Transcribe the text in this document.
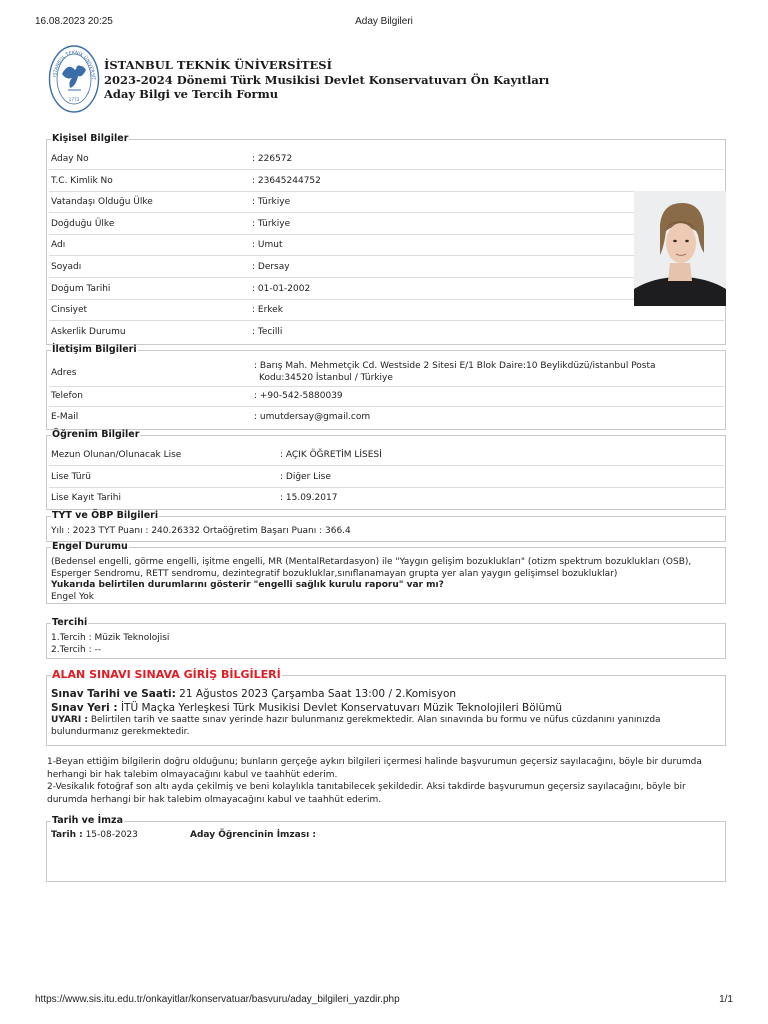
16.08.2023 20:25	Aday Bilgileri
İSTANBUL TEKNİK ÜNİVERSİT
1773
İSTANBUL TEKNİK ÜNİVERSİTESİ
2023-2024 Dönemi Türk Musikisi Devlet Konservatuvarı Ön Kayıtları
Aday Bilgi ve Tercih Formu
Kişisel Bilgiler
Aday No	: 226572
T.C. Kimlik No	: 23645244752
Vatandaşı Olduğu Ülke	: Türkiye
Doğduğu Ülke	: Türkiye
Adı	: Umut
Soyadı	: Dersay
Doğum Tarihi	: 01-01-2002
Cinsiyet	: Erkek
Askerlik Durumu	: Tecilli
İletişim Bilgileri
Adres
: Barış Mah. Mehmetçik Cd. Westside 2 Sitesi E/1 Blok Daire:10 Beylikdüzü/istanbul Posta
Kodu:34520 İstanbul / Türkiye
Telefon	: +90-542-5880039
E-Mail	: umutdersay@gmail.com
Öğrenim Bilgiler
Mezun Olunan/Olunacak Lise	: AÇIK ÖĞRETİM LİSESİ
Lise Türü	: Diğer Lise
Lise Kayıt Tarihi	: 15.09.2017
TYT ve ÖBP Bilgileri
Yılı : 2023 TYT Puanı : 240.26332 Ortaöğretim Başarı Puanı : 366.4
Engel Durumu
(Bedensel engelli, görme engelli, işitme engelli, MR (MentalRetardasyon) ile "Yaygın gelişim bozuklukları" (otizm spektrum bozuklukları (OSB),
Esperger Sendromu, RETT sendromu, dezintegratif bozukluklar,sınıflanamayan grupta yer alan yaygın gelişimsel bozukluklar)
Yukarıda belirtilen durumlarını gösterir "engelli sağlık kurulu raporu" var mı?
Engel Yok
Tercihi
1.Tercih : Müzik Teknolojisi
2.Tercih : --
ALAN SINAVI SINAVA GİRİŞ BİLGİLERİ
Sınav Tarihi ve Saati: 21 Ağustos 2023 Çarşamba Saat 13:00 / 2.Komisyon
Sınav Yeri : İTÜ Maçka Yerleşkesi Türk Musikisi Devlet Konservatuvarı Müzik Teknolojileri Bölümü
UYARI : Belirtilen tarih ve saatte sınav yerinde hazır bulunmanız gerekmektedir. Alan sınavında bu formu ve nüfus cüzdanını yanınızda
bulundurmanız gerekmektedir.
1-Beyan ettiğim bilgilerin doğru olduğunu; bunların gerçeğe aykırı bilgileri içermesi halinde başvurumun geçersiz sayılacağını, böyle bir durumda
herhangi bir hak talebim olmayacağını kabul ve taahhüt ederim.
2-Vesikalık fotoğraf son altı ayda çekilmiş ve beni kolaylıkla tanıtabilecek şekildedir. Aksi takdirde başvurumun geçersiz sayılacağını, böyle bir
durumda herhangi bir hak talebim olmayacağını kabul ve taahhüt ederim.
Tarih ve İmza
Tarih : 15-08-2023	Aday Öğrencinin İmzası :
https://www.sis.itu.edu.tr/onkayitlar/konservatuar/basvuru/aday_bilgileri_yazdir.php	1/1
